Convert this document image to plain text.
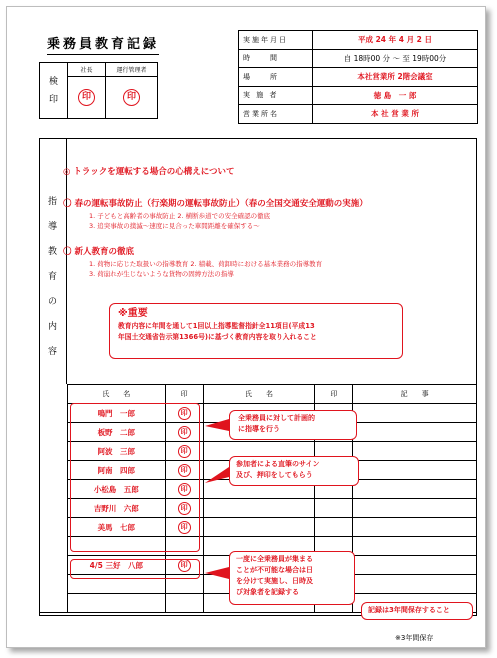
乗務員教育記録
検
印	社長	運行管理者
	印	印
実施年月日	平成 24 年 4 月 2 日
時　　間	自 18時00 分 ～ 至 19時00分
場　　所	本社営業所 2階会議室
実 施 者	徳 島　一 郎
営業所名	本 社 営 業 所
指
導
教
育
の
内
容
◎ トラックを運転する場合の心構えについて
〇 春の運転事故防止（行楽期の運転事故防止）（春の全国交通安全運動の実施）
1. 子どもと高齢者の事故防止 2. 横断歩道での安全確認の徹底
3. 追突事故の撲滅～速度に見合った車間距離を確保する～
〇 新人教育の徹底
1. 荷物に応じた取扱いの指導教育 2. 積載、荷卸時における基本業務の指導教育
3. 荷崩れが生じないような貨物の固縛方法の指導
※重要
教育内容に年間を通して1回以上指導監督指針全11項目(平成13
年国土交通省告示第1366号)に基づく教育内容を取り入れること
	氏　　名	印	氏　　名	印	記　　事
	鳴門　一郎	印			
	板野　二郎	印			
	阿波　三郎	印			
	阿南　四郎	印			
	小松島　五郎	印			
	吉野川　六郎	印			
	美馬　七郎	印			

	4/5 三好　八郎	印			

全乗務員に対して計画的
に指導を行う
参加者による直筆のサイン
及び、押印をしてもらう
一度に全乗務員が集まる
ことが不可能な場合は日
を分けて実施し、日時及
び対象者を記録する
記録は3年間保存すること
※3年間保存
